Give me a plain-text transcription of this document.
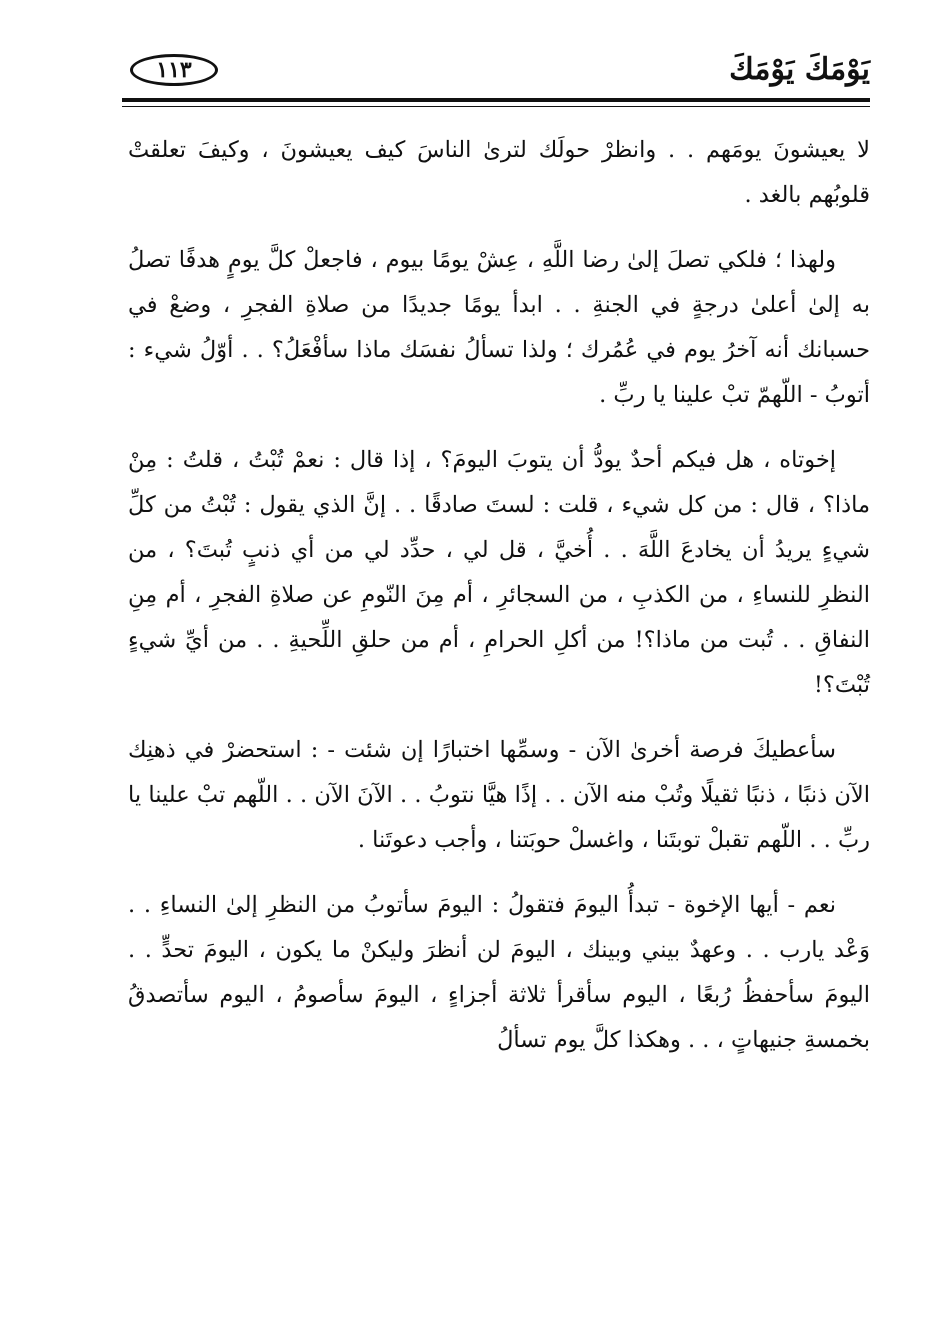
يَوْمَكَ يَوْمَكَ
١١٣

لا يعيشونَ يومَهم . . وانظرْ حولَك لترىٰ الناسَ كيف يعيشونَ ، وكيفَ تعلقتْ قلوبُهم بالغد .

ولهذا ؛ فلكي تصلَ إلىٰ رضا اللَّهِ ، عِشْ يومًا بيوم ، فاجعلْ كلَّ يومٍ هدفًا تصلُ به إلىٰ أعلىٰ درجةٍ في الجنةِ . . ابدأ يومًا جديدًا من صلاةِ الفجرِ ، وضعْ في حسبانك أنه آخرُ يوم في عُمُرك ؛ ولذا تسألُ نفسَك ماذا سأفْعَلُ؟ . . أوّلُ شيء : أتوبُ - اللّهمّ تبْ علينا يا ربِّ .

إخوتاه ، هل فيكم أحدٌ يودُّ أن يتوبَ اليومَ؟ ، إذا قال : نعمْ تُبْتُ ، قلتُ : مِنْ ماذا؟ ، قال : من كل شيء ، قلت : لستَ صادقًا . . إنَّ الذي يقول : تُبْتُ من كلِّ شيءٍ يريدُ أن يخادعَ اللَّهَ . . أُخيَّ ، قل لي ، حدِّد لي من أي ذنبٍ تُبتَ؟ ، من النظرِ للنساءِ ، من الكذبِ ، من السجائرِ ، أم مِنَ النّومِ عن صلاةِ الفجرِ ، أم مِنِ النفاقِ . . تُبت من ماذا؟! من أكلِ الحرامِ ، أم من حلقِ اللِّحيةِ . . من أيِّ شيءٍ تُبْتَ؟!

سأعطيكَ فرصة أخرىٰ الآن - وسمِّها اختبارًا إن شئت - : استحضرْ في ذهنِك الآن ذنبًا ، ذنبًا ثقيلًا وتُبْ منه الآن . . إذًا هيَّا نتوبُ . . الآنَ الآن . . اللّهم تبْ علينا يا ربِّ . . اللّهم تقبلْ توبتَنا ، واغسلْ حوبَتنا ، وأجب دعوتَنا .

نعم - أيها الإخوة - تبدأُ اليومَ فتقولُ : اليومَ سأتوبُ من النظرِ إلىٰ النساءِ . . وَعْد يارب . . وعهدٌ بيني وبينك ، اليومَ لن أنظرَ وليكنْ ما يكون ، اليومَ تحدٍّ . . اليومَ سأحفظُ رُبعًا ، اليوم سأقرأ ثلاثة أجزاءٍ ، اليومَ سأصومُ ، اليوم سأتصدقُ بخمسةِ جنيهاتٍ ، . . وهكذا كلَّ يوم تسألُ
